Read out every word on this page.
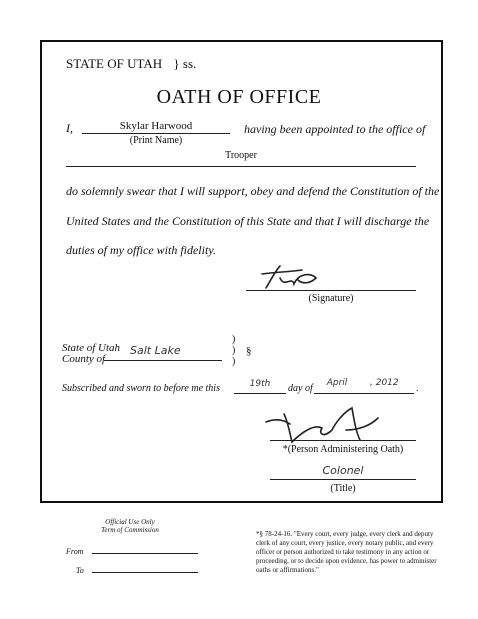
STATE OF UTAH } ss.
OATH OF OFFICE
I,	Skylar Harwood
(Print Name)
having been appointed to the office of
Trooper
do solemnly swear that I will support, obey and defend the Constitution of the
United States and the Constitution of this State and that I will discharge the
duties of my office with fidelity.
(Signature)
State of Utah
County of
Salt Lake
)
)
)
§
Subscribed and sworn to before me this	19th	day of	April	, 2012 .
*(Person Administering Oath)
Colonel
(Title)
Official Use Only
Term of Commission
From
To
*§ 78-24-16. "Every court, every judge, every clerk and deputy clerk of any court, every justice, every notary public, and every officer or person authorized to take testimony in any action or proceeding, or to decide upon evidence, has power to administer oaths or affirmations."
